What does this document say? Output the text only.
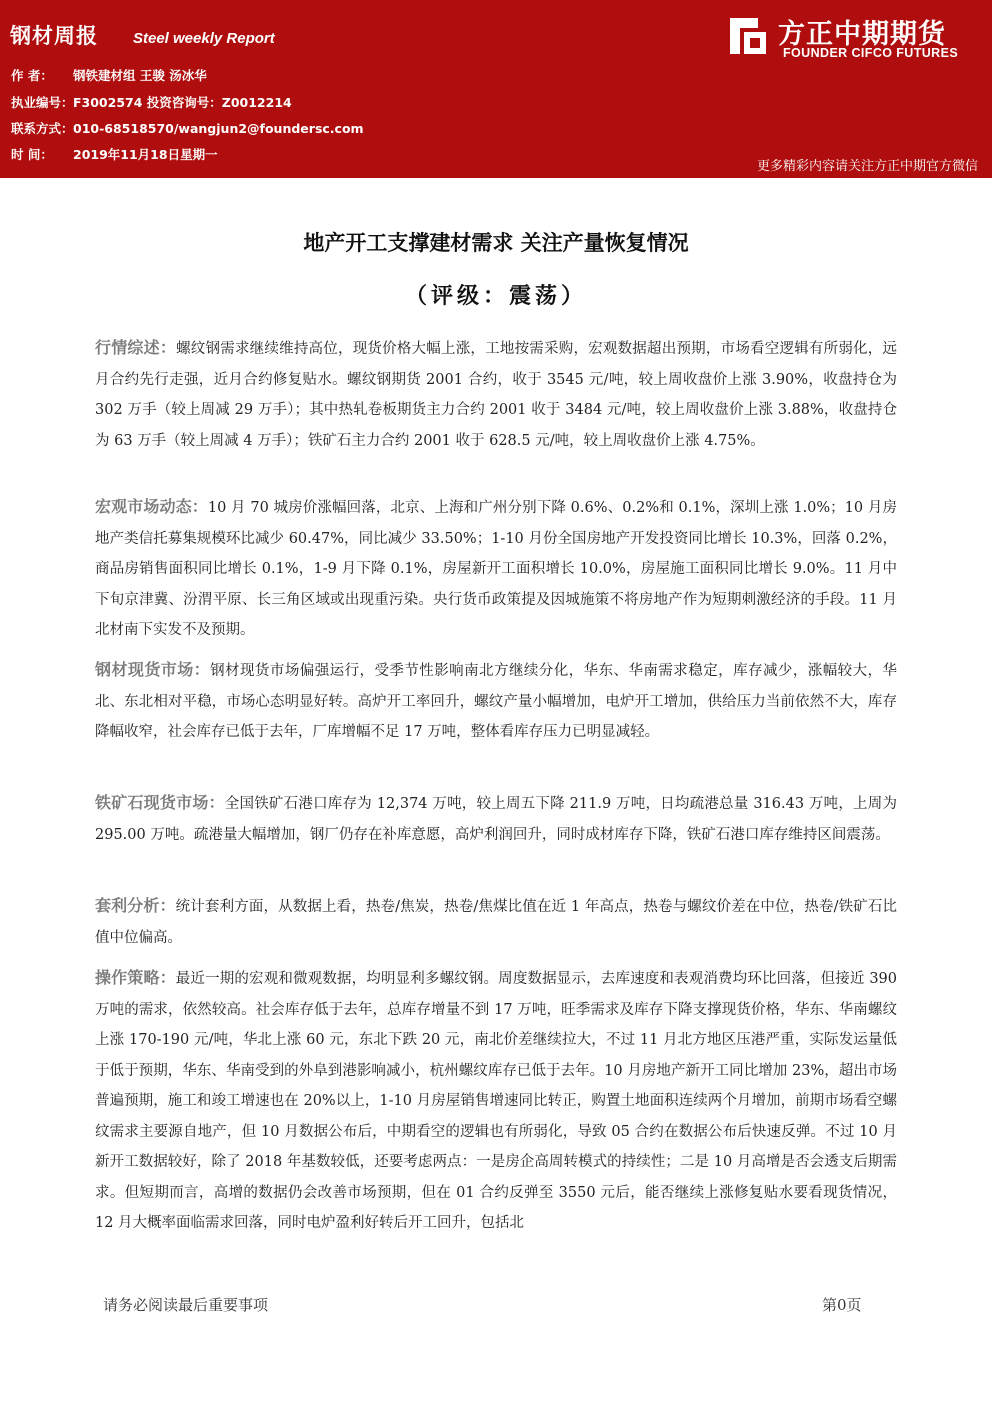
钢材周报 Steel weekly Report
作 者： 钢铁建材组 王骏 汤冰华
执业编号：F3002574 投资咨询号：Z0012214
联系方式：010-68518570/wangjun2@foundersc.com
时 间： 2019年11月18日星期一
方正中期期货
FOUNDER CIFCO FUTURES
更多精彩内容请关注方正中期官方微信
地产开工支撑建材需求 关注产量恢复情况
（评级：震荡）
行情综述：螺纹钢需求继续维持高位，现货价格大幅上涨，工地按需采购，宏观数据超出预期，市场看空逻辑有所弱化，远月合约先行走强，近月合约修复贴水。螺纹钢期货 2001 合约，收于 3545 元/吨，较上周收盘价上涨 3.90%，收盘持仓为 302 万手（较上周减 29 万手）；其中热轧卷板期货主力合约 2001 收于 3484 元/吨，较上周收盘价上涨 3.88%，收盘持仓为 63 万手（较上周减 4 万手）；铁矿石主力合约 2001 收于 628.5 元/吨，较上周收盘价上涨 4.75%。
宏观市场动态：10 月 70 城房价涨幅回落，北京、上海和广州分别下降 0.6%、0.2%和 0.1%，深圳上涨 1.0%；10 月房地产类信托募集规模环比减少 60.47%，同比减少 33.50%；1-10 月份全国房地产开发投资同比增长 10.3%，回落 0.2%，商品房销售面积同比增长 0.1%，1-9 月下降 0.1%，房屋新开工面积增长 10.0%，房屋施工面积同比增长 9.0%。11 月中下旬京津冀、汾渭平原、长三角区域或出现重污染。央行货币政策提及因城施策不将房地产作为短期刺激经济的手段。11 月北材南下实发不及预期。
钢材现货市场：钢材现货市场偏强运行，受季节性影响南北方继续分化，华东、华南需求稳定，库存减少，涨幅较大，华北、东北相对平稳，市场心态明显好转。高炉开工率回升，螺纹产量小幅增加，电炉开工增加，供给压力当前依然不大，库存降幅收窄，社会库存已低于去年，厂库增幅不足 17 万吨，整体看库存压力已明显减轻。
铁矿石现货市场：全国铁矿石港口库存为 12,374 万吨，较上周五下降 211.9 万吨，日均疏港总量 316.43 万吨，上周为 295.00 万吨。疏港量大幅增加，钢厂仍存在补库意愿，高炉利润回升，同时成材库存下降，铁矿石港口库存维持区间震荡。
套利分析：统计套利方面，从数据上看，热卷/焦炭，热卷/焦煤比值在近 1 年高点，热卷与螺纹价差在中位，热卷/铁矿石比值中位偏高。
操作策略：最近一期的宏观和微观数据，均明显利多螺纹钢。周度数据显示，去库速度和表观消费均环比回落，但接近 390 万吨的需求，依然较高。社会库存低于去年，总库存增量不到 17 万吨，旺季需求及库存下降支撑现货价格，华东、华南螺纹上涨 170-190 元/吨，华北上涨 60 元，东北下跌 20 元，南北价差继续拉大，不过 11 月北方地区压港严重，实际发运量低于低于预期，华东、华南受到的外阜到港影响减小，杭州螺纹库存已低于去年。10 月房地产新开工同比增加 23%，超出市场普遍预期，施工和竣工增速也在 20%以上，1-10 月房屋销售增速同比转正，购置土地面积连续两个月增加，前期市场看空螺纹需求主要源自地产，但 10 月数据公布后，中期看空的逻辑也有所弱化，导致 05 合约在数据公布后快速反弹。不过 10 月新开工数据较好，除了 2018 年基数较低，还要考虑两点：一是房企高周转模式的持续性；二是 10 月高增是否会透支后期需求。但短期而言，高增的数据仍会改善市场预期，但在 01 合约反弹至 3550 元后，能否继续上涨修复贴水要看现货情况，12 月大概率面临需求回落，同时电炉盈利好转后开工回升，包括北
请务必阅读最后重要事项	第0页
